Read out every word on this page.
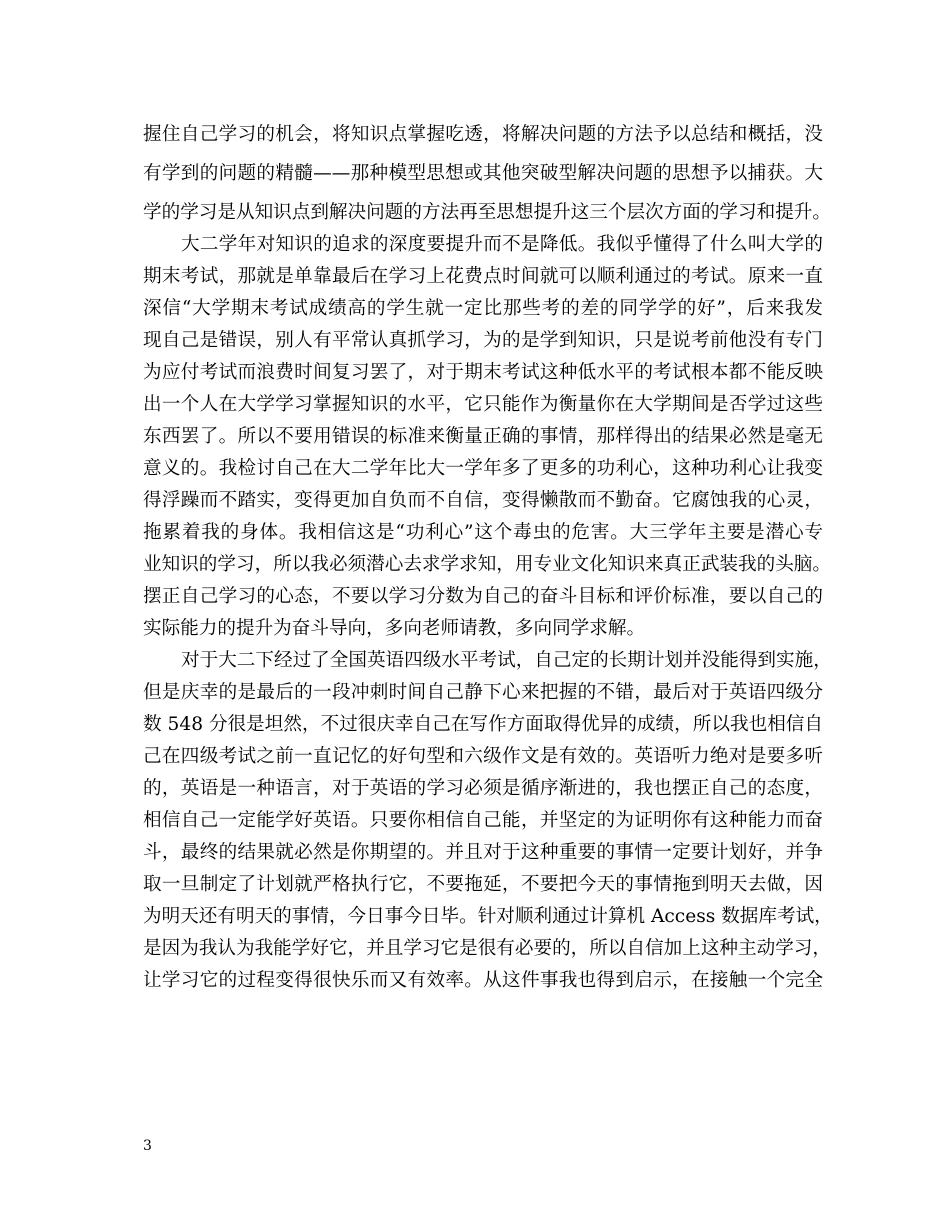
握住自己学习的机会，将知识点掌握吃透，将解决问题的方法予以总结和概括，没
有学到的问题的精髓——那种模型思想或其他突破型解决问题的思想予以捕获。大
学的学习是从知识点到解决问题的方法再至思想提升这三个层次方面的学习和提升。
大二学年对知识的追求的深度要提升而不是降低。我似乎懂得了什么叫大学的
期末考试，那就是单靠最后在学习上花费点时间就可以顺利通过的考试。原来一直
深信“大学期末考试成绩高的学生就一定比那些考的差的同学学的好”，后来我发
现自己是错误，别人有平常认真抓学习，为的是学到知识，只是说考前他没有专门
为应付考试而浪费时间复习罢了，对于期末考试这种低水平的考试根本都不能反映
出一个人在大学学习掌握知识的水平，它只能作为衡量你在大学期间是否学过这些
东西罢了。所以不要用错误的标准来衡量正确的事情，那样得出的结果必然是毫无
意义的。我检讨自己在大二学年比大一学年多了更多的功利心，这种功利心让我变
得浮躁而不踏实，变得更加自负而不自信，变得懒散而不勤奋。它腐蚀我的心灵，
拖累着我的身体。我相信这是“功利心”这个毒虫的危害。大三学年主要是潜心专
业知识的学习，所以我必须潜心去求学求知，用专业文化知识来真正武装我的头脑。
摆正自己学习的心态，不要以学习分数为自己的奋斗目标和评价标准，要以自己的
实际能力的提升为奋斗导向，多向老师请教，多向同学求解。
对于大二下经过了全国英语四级水平考试，自己定的长期计划并没能得到实施，
但是庆幸的是最后的一段冲刺时间自己静下心来把握的不错，最后对于英语四级分
数 548 分很是坦然，不过很庆幸自己在写作方面取得优异的成绩，所以我也相信自
己在四级考试之前一直记忆的好句型和六级作文是有效的。英语听力绝对是要多听
的，英语是一种语言，对于英语的学习必须是循序渐进的，我也摆正自己的态度，
相信自己一定能学好英语。只要你相信自己能，并坚定的为证明你有这种能力而奋
斗，最终的结果就必然是你期望的。并且对于这种重要的事情一定要计划好，并争
取一旦制定了计划就严格执行它，不要拖延，不要把今天的事情拖到明天去做，因
为明天还有明天的事情，今日事今日毕。针对顺利通过计算机 Access 数据库考试，
是因为我认为我能学好它，并且学习它是很有必要的，所以自信加上这种主动学习，
让学习它的过程变得很快乐而又有效率。从这件事我也得到启示，在接触一个完全
3
